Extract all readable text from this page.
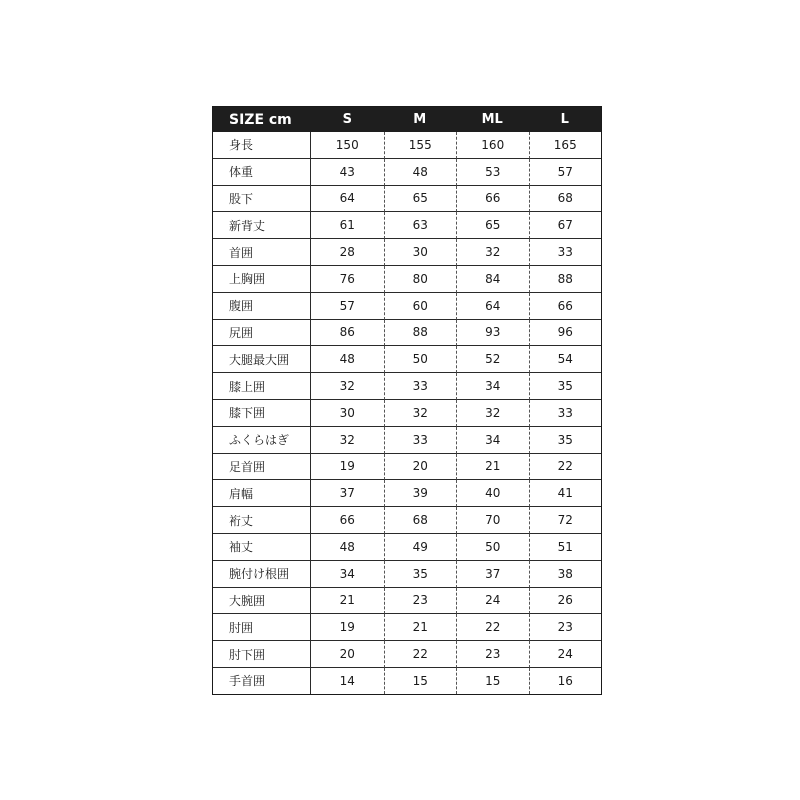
SIZE cm	S	M	ML	L
身長	150	155	160	165
体重	43	48	53	57
股下	64	65	66	68
新背丈	61	63	65	67
首囲	28	30	32	33
上胸囲	76	80	84	88
腹囲	57	60	64	66
尻囲	86	88	93	96
大腿最大囲	48	50	52	54
膝上囲	32	33	34	35
膝下囲	30	32	32	33
ふくらはぎ	32	33	34	35
足首囲	19	20	21	22
肩幅	37	39	40	41
裄丈	66	68	70	72
袖丈	48	49	50	51
腕付け根囲	34	35	37	38
大腕囲	21	23	24	26
肘囲	19	21	22	23
肘下囲	20	22	23	24
手首囲	14	15	15	16
